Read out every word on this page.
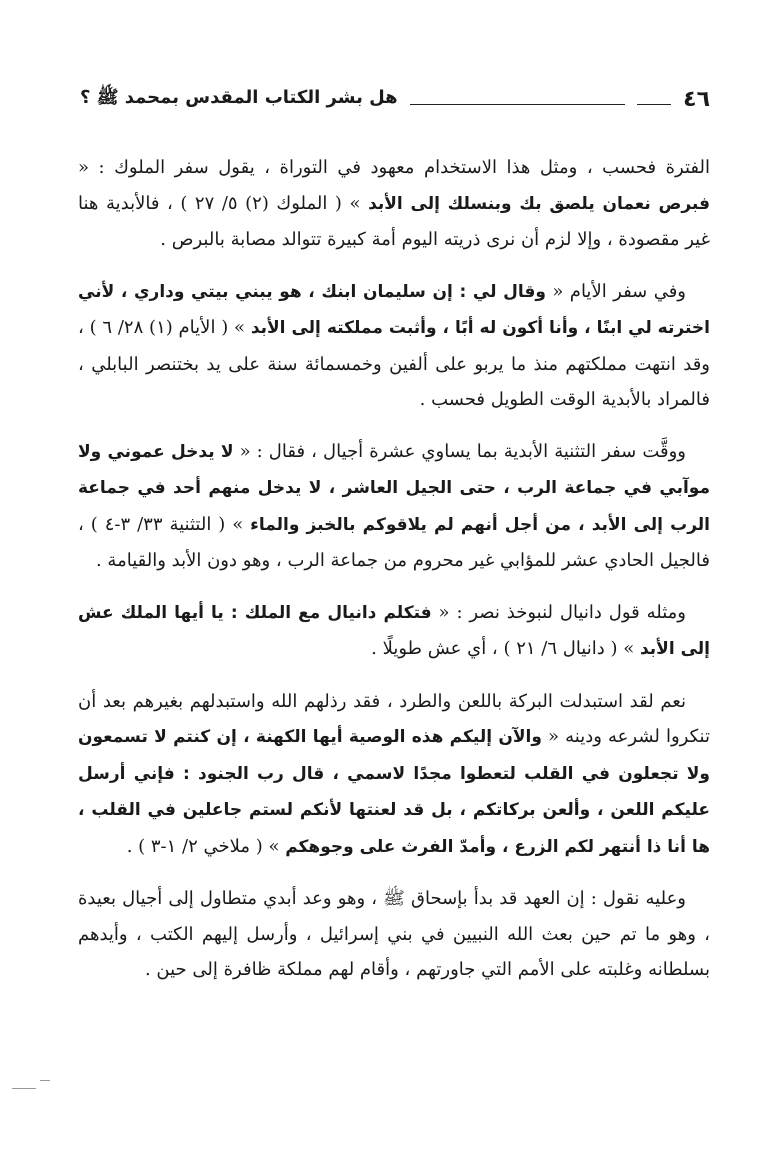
٤٦
هل بشر الكتاب المقدس بمحمد ﷺ ؟

الفترة فحسب ، ومثل هذا الاستخدام معهود في التوراة ، يقول سفر الملوك : « فبرص نعمان يلصق بك وبنسلك إلى الأبد » ( الملوك (٢) ٥/ ٢٧ ) ، فالأبدية هنا غير مقصودة ، وإلا لزم أن نرى ذريته اليوم أمة كبيرة تتوالد مصابة بالبرص .

وفي سفر الأيام « وقال لي : إن سليمان ابنك ، هو يبني بيتي وداري ، لأني اخترته لي ابنًا ، وأنا أكون له أبًا ، وأثبت مملكته إلى الأبد » ( الأيام (١) ٢٨/ ٦ ) ، وقد انتهت مملكتهم منذ ما يربو على ألفين وخمسمائة سنة على يد بختنصر البابلي ، فالمراد بالأبدية الوقت الطويل فحسب .

ووقَّت سفر التثنية الأبدية بما يساوي عشرة أجيال ، فقال : « لا يدخل عموني ولا موآبي في جماعة الرب ، حتى الجيل العاشر ، لا يدخل منهم أحد في جماعة الرب إلى الأبد ، من أجل أنهم لم يلاقوكم بالخبز والماء » ( التثنية ٣٣/ ٣-٤ ) ، فالجيل الحادي عشر للمؤابي غير محروم من جماعة الرب ، وهو دون الأبد والقيامة .

ومثله قول دانيال لنبوخذ نصر : « فتكلم دانيال مع الملك : يا أيها الملك عش إلى الأبد » ( دانيال ٦/ ٢١ ) ، أي عش طويلًا .

نعم لقد استبدلت البركة باللعن والطرد ، فقد رذلهم الله واستبدلهم بغيرهم بعد أن تنكروا لشرعه ودينه « والآن إليكم هذه الوصية أيها الكهنة ، إن كنتم لا تسمعون ولا تجعلون في القلب لتعطوا مجدًا لاسمي ، قال رب الجنود : فإني أرسل عليكم اللعن ، وألعن بركاتكم ، بل قد لعنتها لأنكم لستم جاعلين في القلب ، ها أنا ذا أنتهر لكم الزرع ، وأمدّ الفرث على وجوهكم » ( ملاخي ٢/ ١-٣ ) .

وعليه نقول : إن العهد قد بدأ بإسحاق ﷺ ، وهو وعد أبدي متطاول إلى أجيال بعيدة ، وهو ما تم حين بعث الله النبيين في بني إسرائيل ، وأرسل إليهم الكتب ، وأيدهم بسلطانه وغلبته على الأمم التي جاورتهم ، وأقام لهم مملكة ظافرة إلى حين .
